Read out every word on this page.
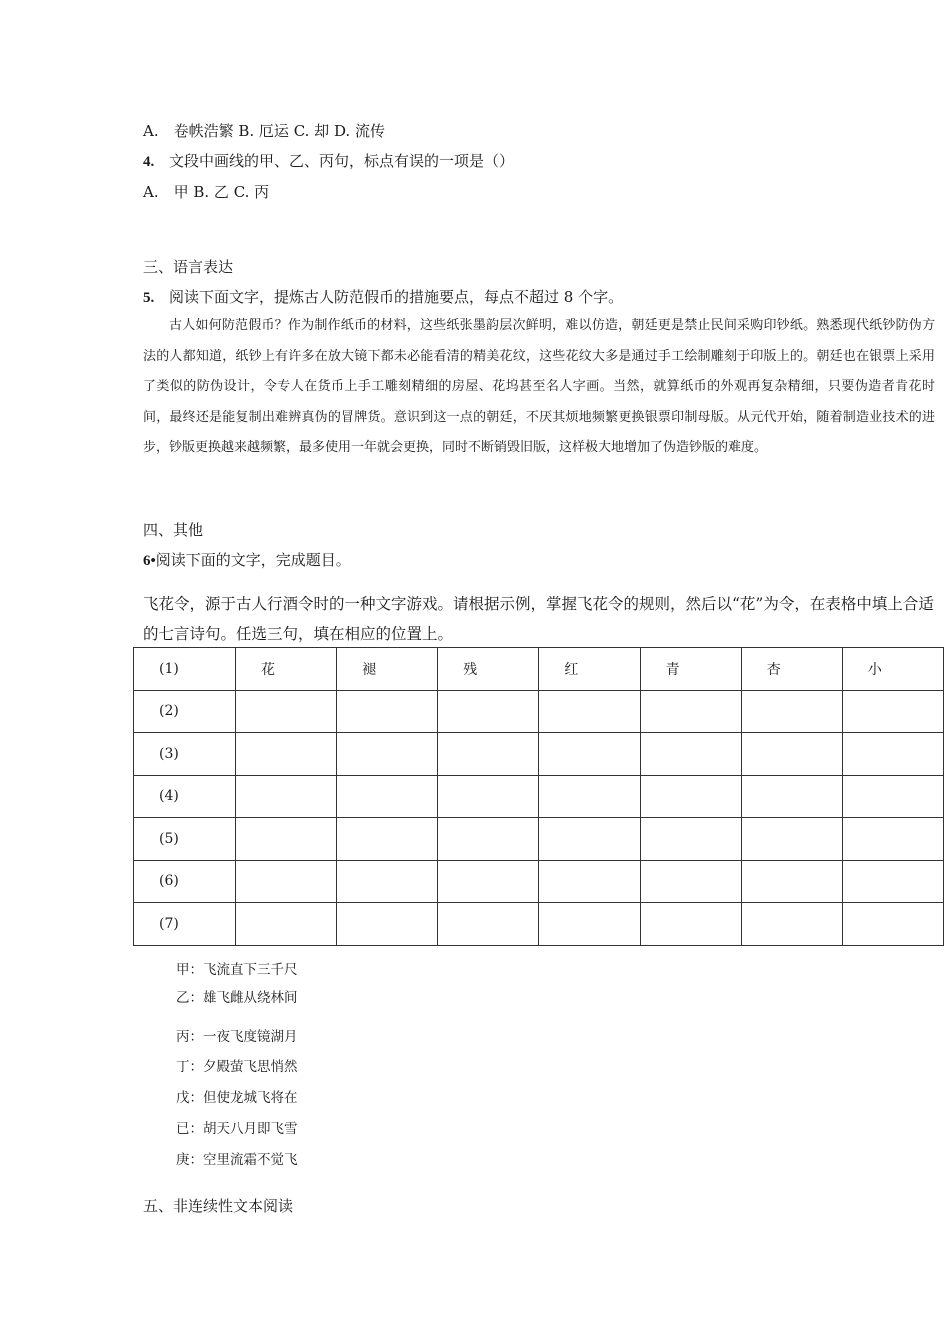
A.　卷帙浩繁 B. 厄运 C. 却 D. 流传
4. 文段中画线的甲、乙、丙句，标点有误的一项是（）
A.　甲 B. 乙 C. 丙
三、语言表达
5. 阅读下面文字，提炼古人防范假币的措施要点，每点不超过 8 个字。
古人如何防范假币？作为制作纸币的材料，这些纸张墨韵层次鲜明，难以仿造，朝廷更是禁止民间采购印钞纸。熟悉现代纸钞防伪方法的人都知道，纸钞上有许多在放大镜下都未必能看清的精美花纹，这些花纹大多是通过手工绘制雕刻于印版上的。朝廷也在银票上采用了类似的防伪设计，令专人在货币上手工雕刻精细的房屋、花坞甚至名人字画。当然，就算纸币的外观再复杂精细，只要伪造者肯花时间，最终还是能复制出难辨真伪的冒牌货。意识到这一点的朝廷，不厌其烦地频繁更换银票印制母版。从元代开始，随着制造业技术的进步，钞版更换越来越频繁，最多使用一年就会更换，同时不断销毁旧版，这样极大地增加了伪造钞版的难度。
四、其他
6•阅读下面的文字，完成题目。
飞花令，源于古人行酒令时的一种文字游戏。请根据示例，掌握飞花令的规则，然后以“花”为令，在表格中填上合适的七言诗句。任选三句，填在相应的位置上。
(1)	花	褪	残	红	青	杏	小
(2)							
(3)							
(4)							
(5)							
(6)							
(7)							
甲：飞流直下三千尺
乙：雄飞雌从绕林间
丙：一夜飞度镜湖月
丁：夕殿萤飞思悄然
戊：但使龙城飞将在
已：胡天八月即飞雪
庚：空里流霜不觉飞
五、非连续性文本阅读
